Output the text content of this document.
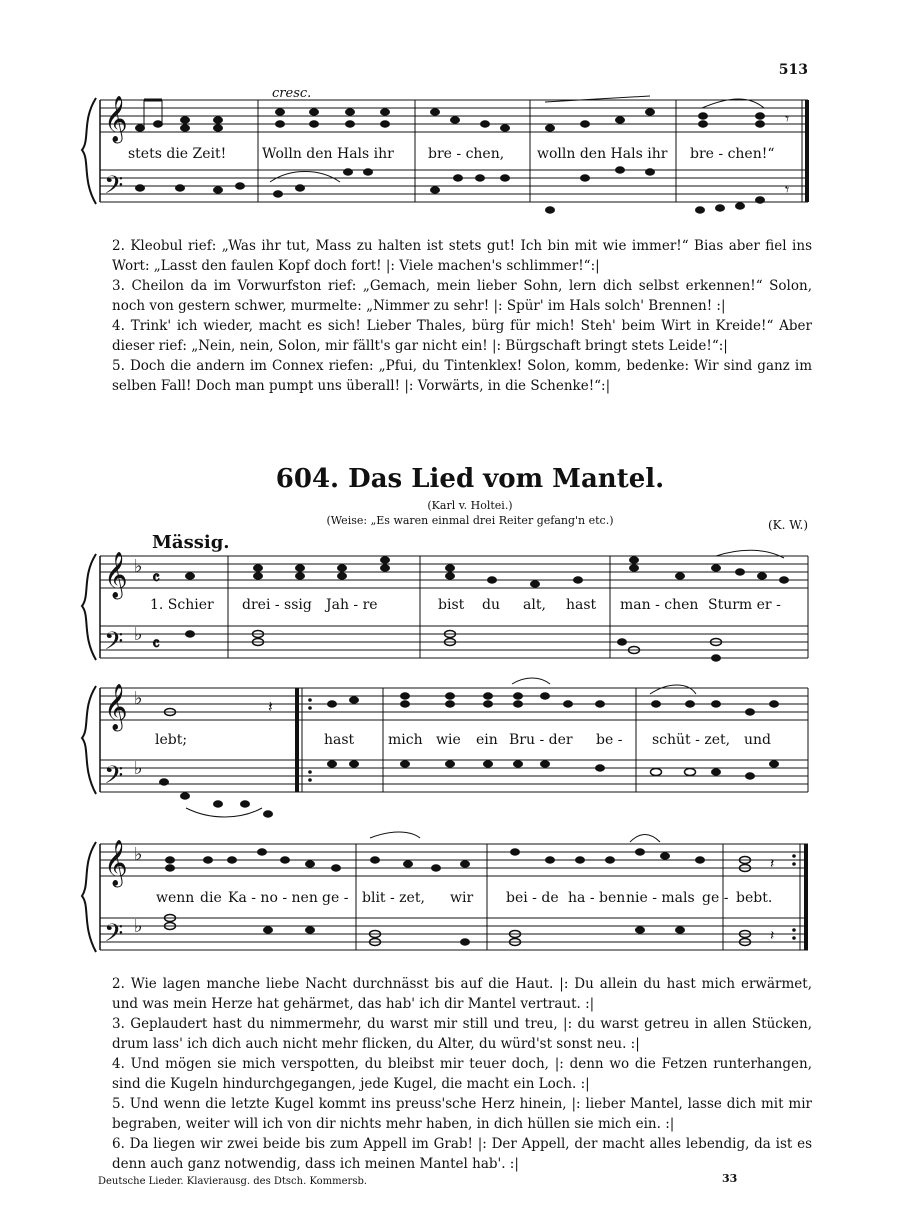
513
𝄞
𝄢
𝄾
𝄾
cresc.
stets die Zeit!	Wolln den Hals ihr bre - chen, wolln den Hals ihr bre - chen!“

2. Kleobul rief: „Was ihr tut, Mass zu halten ist stets gut! Ich bin mit wie immer!“ Bias aber fiel ins Wort: „Lasst den faulen Kopf doch fort! |: Viele machen's schlimmer!“:|

3. Cheilon da im Vorwurfston rief: „Gemach, mein lieber Sohn, lern dich selbst erkennen!“ Solon, noch von gestern schwer, murmelte: „Nimmer zu sehr! |: Spür' im Hals solch' Brennen! :|

4. Trink' ich wieder, macht es sich! Lieber Thales, bürg für mich! Steh' beim Wirt in Kreide!“ Aber dieser rief: „Nein, nein, Solon, mir fällt's gar nicht ein! |: Bürgschaft bringt stets Leide!“:|

5. Doch die andern im Connex riefen: „Pfui, du Tintenklex! Solon, komm, bedenke: Wir sind ganz im selben Fall! Doch man pumpt uns überall! |: Vorwärts, in die Schenke!“:|

604. Das Lied vom Mantel.
(Karl v. Holtei.)
(Weise: „Es waren einmal drei Reiter gefang'n etc.)	(K. W.)
Mässig.
𝄞
𝄢
♭
♭
𝄴
𝄴
1. Schier drei - ssig Jah - re	bist du alt, hast man - chen Sturm er -
𝄞
𝄢
♭
♭
𝄽
lebt;	hast mich wie ein Bru - der be - schüt - zet, und
𝄞
𝄢
♭
♭
𝄽
𝄽
wenn die Ka - no - nen ge - blit - zet, wir bei - de ha - ben nie - mals ge - bebt.

2. Wie lagen manche liebe Nacht durchnässt bis auf die Haut. |: Du allein du hast mich erwärmet, und was mein Herze hat gehärmet, das hab' ich dir Mantel vertraut. :|

3. Geplaudert hast du nimmermehr, du warst mir still und treu, |: du warst getreu in allen Stücken, drum lass' ich dich auch nicht mehr flicken, du Alter, du würd'st sonst neu. :|

4. Und mögen sie mich verspotten, du bleibst mir teuer doch, |: denn wo die Fetzen runterhangen, sind die Kugeln hindurchgegangen, jede Kugel, die macht ein Loch. :|

5. Und wenn die letzte Kugel kommt ins preuss'sche Herz hinein, |: lieber Mantel, lasse dich mit mir begraben, weiter will ich von dir nichts mehr haben, in dich hüllen sie mich ein. :|

6. Da liegen wir zwei beide bis zum Appell im Grab! |: Der Appell, der macht alles lebendig, da ist es denn auch ganz notwendig, dass ich meinen Mantel hab'. :|

Deutsche Lieder. Klavierausg. des Dtsch. Kommersb.	33
